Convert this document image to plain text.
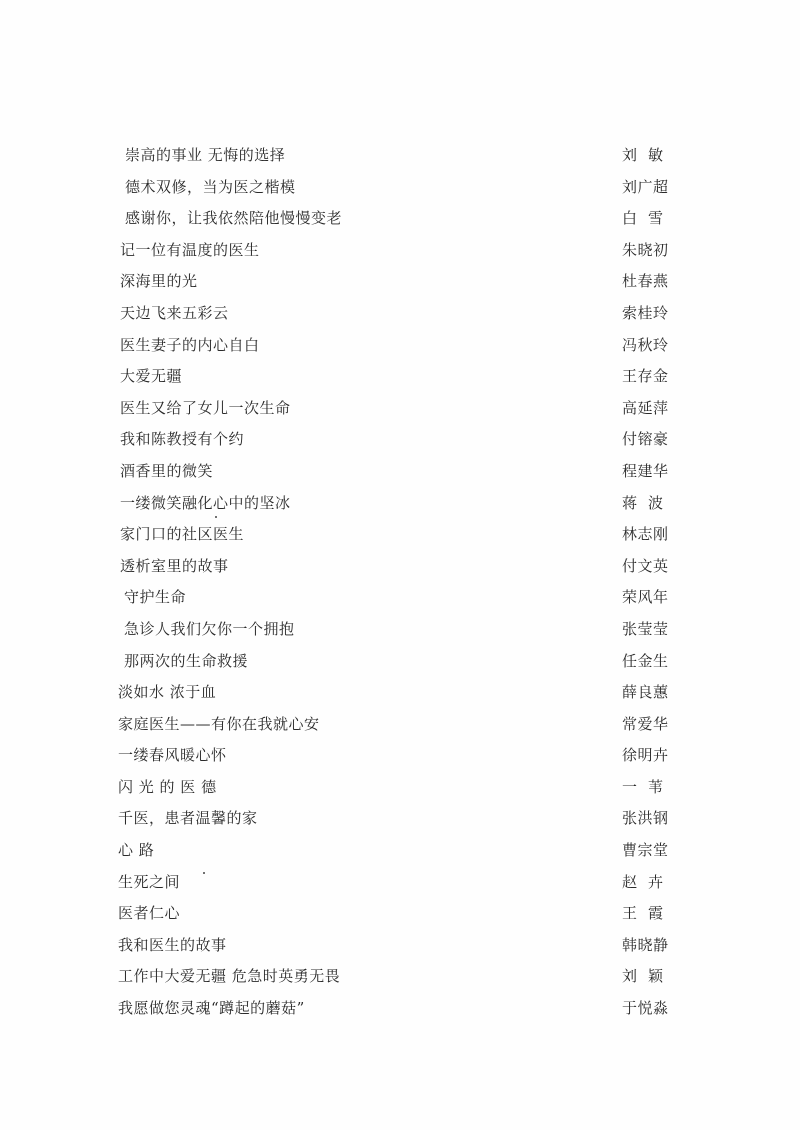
崇高的事业 无悔的选择	刘  敏
德术双修，当为医之楷模	刘广超
感谢你，让我依然陪他慢慢变老	白  雪
记一位有温度的医生	朱晓初
深海里的光	杜春燕
天边飞来五彩云	索桂玲
医生妻子的内心自白	冯秋玲
大爱无疆	王存金
医生又给了女儿一次生命	高延萍
我和陈教授有个约	付镕豪
酒香里的微笑	程建华
一缕微笑融化心中的坚冰	蒋  波
家门口的社区医生	林志刚
透析室里的故事	付文英
守护生命	荣风年
急诊人我们欠你一个拥抱	张莹莹
那两次的生命救援	任金生
淡如水 浓于血	薛良蕙
家庭医生——有你在我就心安	常爱华
一缕春风暖心怀	徐明卉
闪 光 的 医 德	一  苇
千医，患者温馨的家	张洪钢
心 路	曹宗堂
生死之间	赵  卉
医者仁心	王  霞
我和医生的故事	韩晓静
工作中大爱无疆 危急时英勇无畏	刘  颖
我愿做您灵魂“蹲起的蘑菇”	于悦淼
